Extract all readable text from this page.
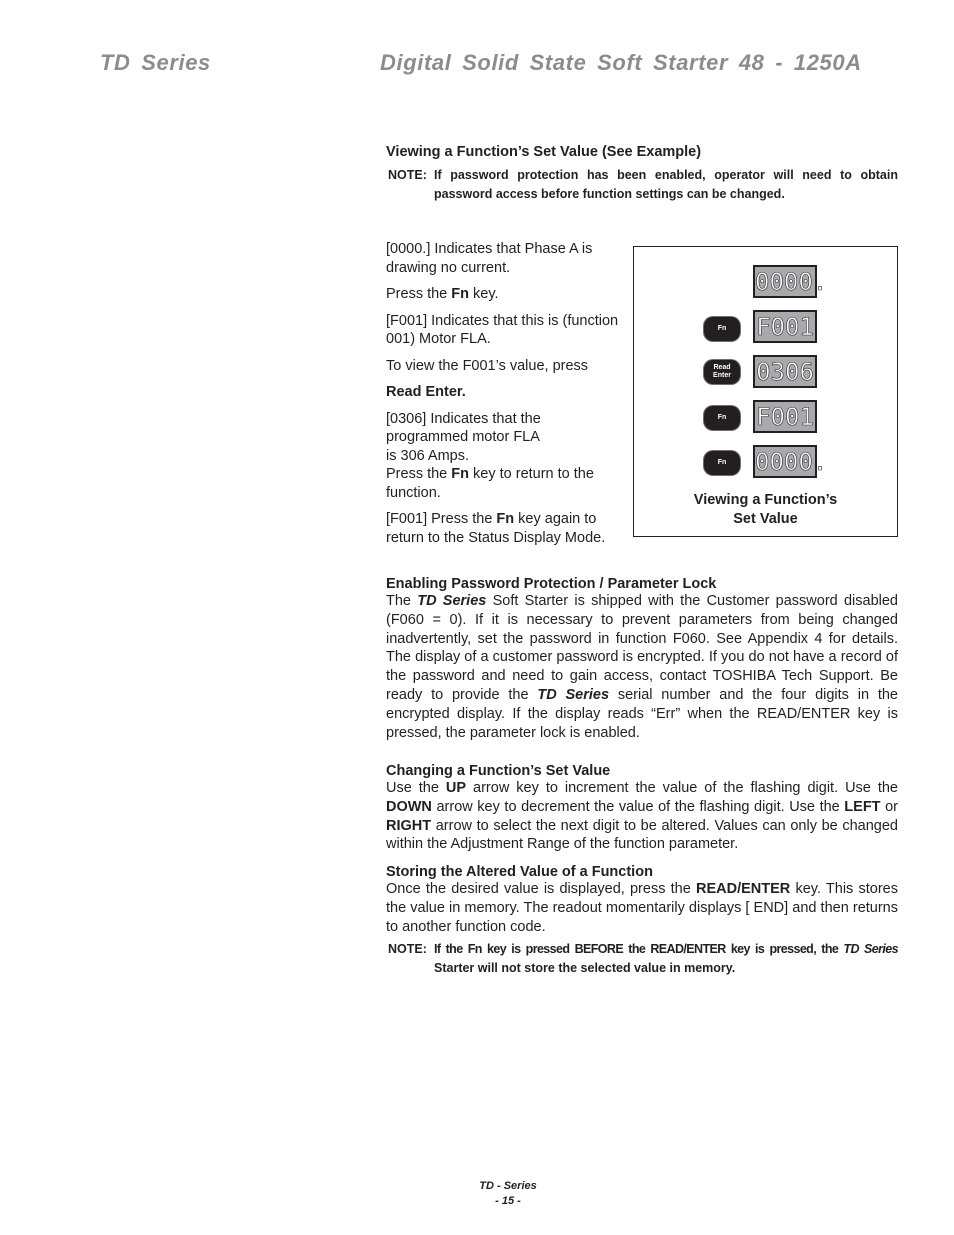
TD Series	Digital Solid State Soft Starter 48 - 1250A
Viewing a Function’s Set Value (See Example)
NOTE: If password protection has been enabled, operator will need to obtain password access before function settings can be changed.
[0000.] Indicates that Phase A is drawing no current.
Press the Fn key.
[F001] Indicates that this is (function 001) Motor FLA.
To view the F001’s value, press
Read Enter.
[0306] Indicates that the
programmed motor FLA
is 306 Amps.
Press the Fn key to return to the function.
[F001] Press the Fn key again to return to the Status Display Mode.
0000.
Fn	F001
Read
Enter	0306
Fn	F001
Fn	0000.
Viewing a Function’s
Set Value
Enabling Password Protection / Parameter Lock
The TD Series Soft Starter is shipped with the Customer password disabled (F060 = 0). If it is necessary to prevent parameters from being changed inadvertently, set the password in function F060. See Appendix 4 for details. The display of a customer password is encrypted. If you do not have a record of the password and need to gain access, contact TOSHIBA Tech Support. Be ready to provide the TD Series serial number and the four digits in the encrypted display. If the display reads “Err” when the READ/ENTER key is pressed, the parameter lock is enabled.
Changing a Function’s Set Value
Use the UP arrow key to increment the value of the flashing digit. Use the DOWN arrow key to decrement the value of the flashing digit. Use the LEFT or RIGHT arrow to select the next digit to be altered. Values can only be changed within the Adjustment Range of the function parameter.
Storing the Altered Value of a Function
Once the desired value is displayed, press the READ/ENTER key. This stores the value in memory. The readout momentarily displays [ END] and then returns to another function code.
NOTE: If the Fn key is pressed BEFORE the READ/ENTER key is pressed, the TD Series Starter will not store the selected value in memory.
TD - Series
- 15 -
